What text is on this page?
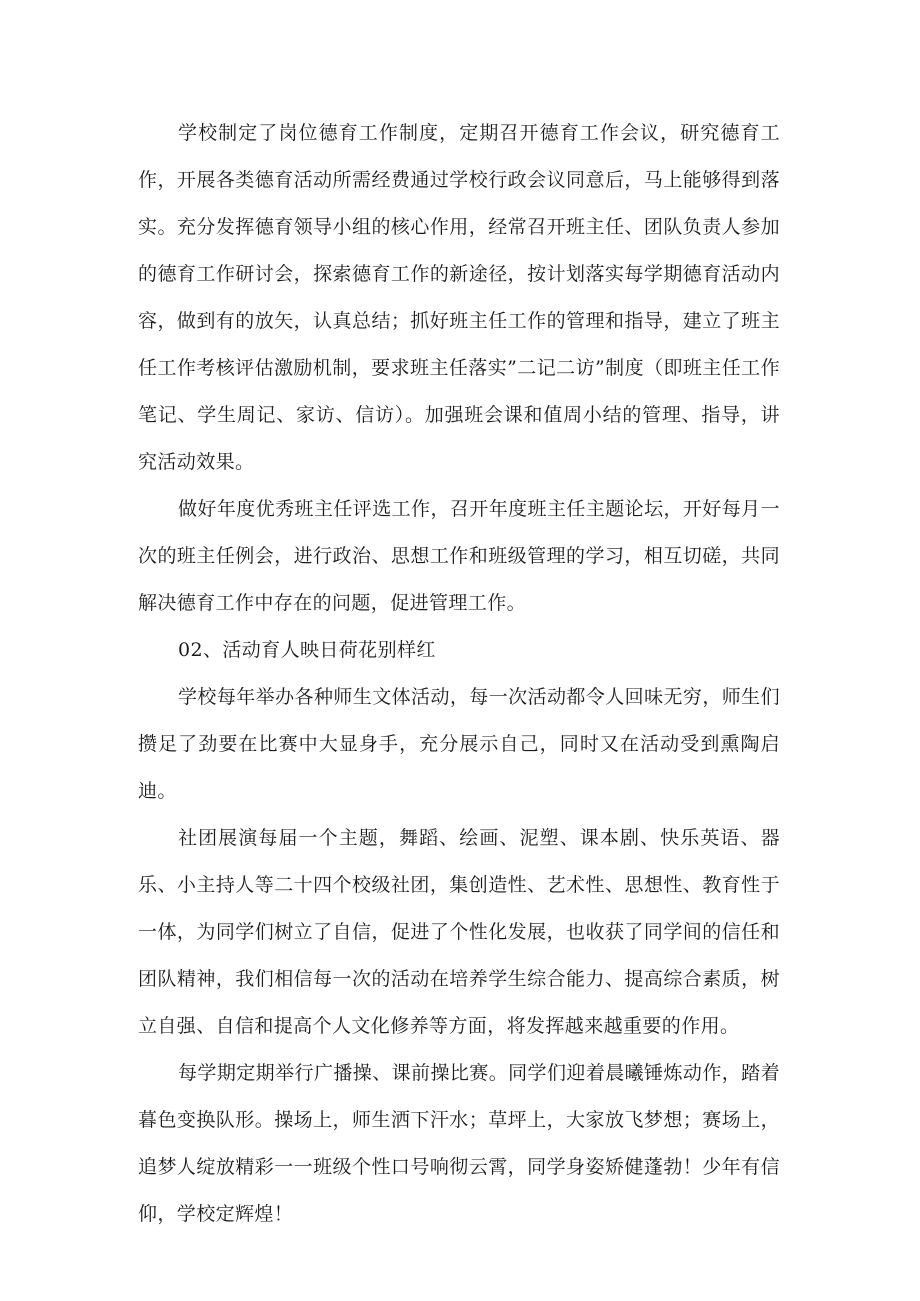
学校制定了岗位德育工作制度，定期召开德育工作会议，研究德育工作，开展各类德育活动所需经费通过学校行政会议同意后，马上能够得到落实。充分发挥德育领导小组的核心作用，经常召开班主任、团队负责人参加的德育工作研讨会，探索德育工作的新途径，按计划落实每学期德育活动内容，做到有的放矢，认真总结；抓好班主任工作的管理和指导，建立了班主任工作考核评估激励机制，要求班主任落实”二记二访”制度（即班主任工作笔记、学生周记、家访、信访）。加强班会课和值周小结的管理、指导，讲究活动效果。

做好年度优秀班主任评选工作，召开年度班主任主题论坛，开好每月一次的班主任例会，进行政治、思想工作和班级管理的学习，相互切磋，共同解决德育工作中存在的问题，促进管理工作。

02、活动育人映日荷花别样红

学校每年举办各种师生文体活动，每一次活动都令人回味无穷，师生们攒足了劲要在比赛中大显身手，充分展示自己，同时又在活动受到熏陶启迪。

社团展演每届一个主题，舞蹈、绘画、泥塑、课本剧、快乐英语、器乐、小主持人等二十四个校级社团，集创造性、艺术性、思想性、教育性于一体，为同学们树立了自信，促进了个性化发展，也收获了同学间的信任和团队精神，我们相信每一次的活动在培养学生综合能力、提高综合素质，树立自强、自信和提高个人文化修养等方面，将发挥越来越重要的作用。

每学期定期举行广播操、课前操比赛。同学们迎着晨曦锤炼动作，踏着暮色变换队形。操场上，师生洒下汗水；草坪上，大家放飞梦想；赛场上，追梦人绽放精彩一一班级个性口号响彻云霄，同学身姿矫健蓬勃！少年有信仰，学校定辉煌！
